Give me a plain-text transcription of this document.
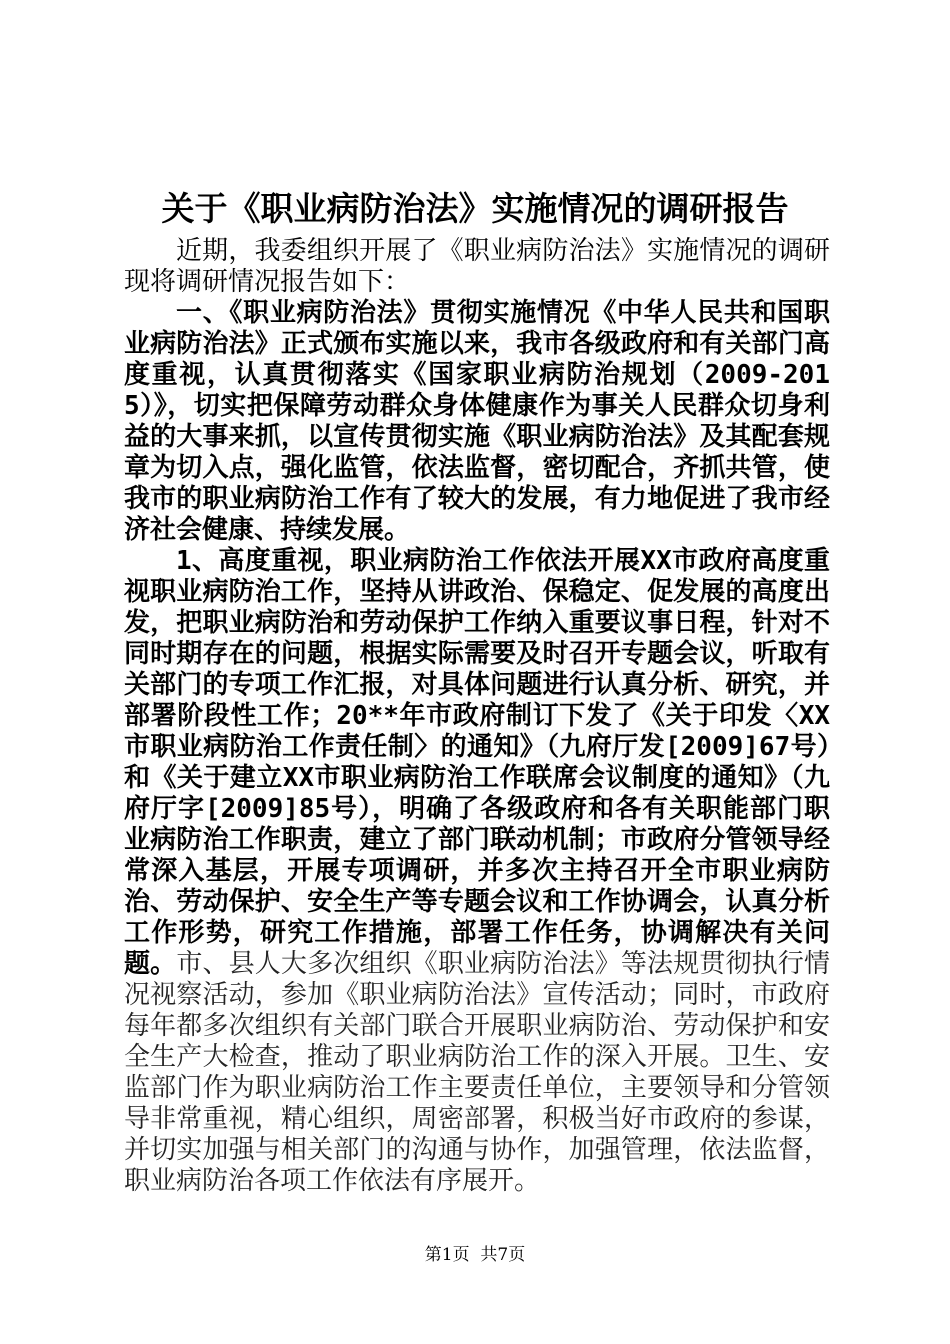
关于《职业病防治法》实施情况的调研报告

近期，我委组织开展了《职业病防治法》实施情况的调研现将调研情况报告如下：

一、《职业病防治法》贯彻实施情况《中华人民共和国职业病防治法》正式颁布实施以来，我市各级政府和有关部门高度重视，认真贯彻落实《国家职业病防治规划（2009-2015）》，切实把保障劳动群众身体健康作为事关人民群众切身利益的大事来抓，以宣传贯彻实施《职业病防治法》及其配套规章为切入点，强化监管，依法监督，密切配合，齐抓共管，使我市的职业病防治工作有了较大的发展，有力地促进了我市经济社会健康、持续发展。

1、高度重视，职业病防治工作依法开展XX市政府高度重视职业病防治工作，坚持从讲政治、保稳定、促发展的高度出发，把职业病防治和劳动保护工作纳入重要议事日程，针对不同时期存在的问题，根据实际需要及时召开专题会议，听取有关部门的专项工作汇报，对具体问题进行认真分析、研究，并部署阶段性工作；20**年市政府制订下发了《关于印发〈XX市职业病防治工作责任制〉的通知》（九府厅发[2009]67号）和《关于建立XX市职业病防治工作联席会议制度的通知》（九府厅字[2009]85号），明确了各级政府和各有关职能部门职业病防治工作职责，建立了部门联动机制；市政府分管领导经常深入基层，开展专项调研，并多次主持召开全市职业病防治、劳动保护、安全生产等专题会议和工作协调会，认真分析工作形势，研究工作措施，部署工作任务，协调解决有关问题。市、县人大多次组织《职业病防治法》等法规贯彻执行情况视察活动，参加《职业病防治法》宣传活动；同时，市政府每年都多次组织有关部门联合开展职业病防治、劳动保护和安全生产大检查，推动了职业病防治工作的深入开展。卫生、安监部门作为职业病防治工作主要责任单位，主要领导和分管领导非常重视，精心组织，周密部署，积极当好市政府的参谋，并切实加强与相关部门的沟通与协作，加强管理，依法监督，职业病防治各项工作依法有序展开。

第1页  共7页
